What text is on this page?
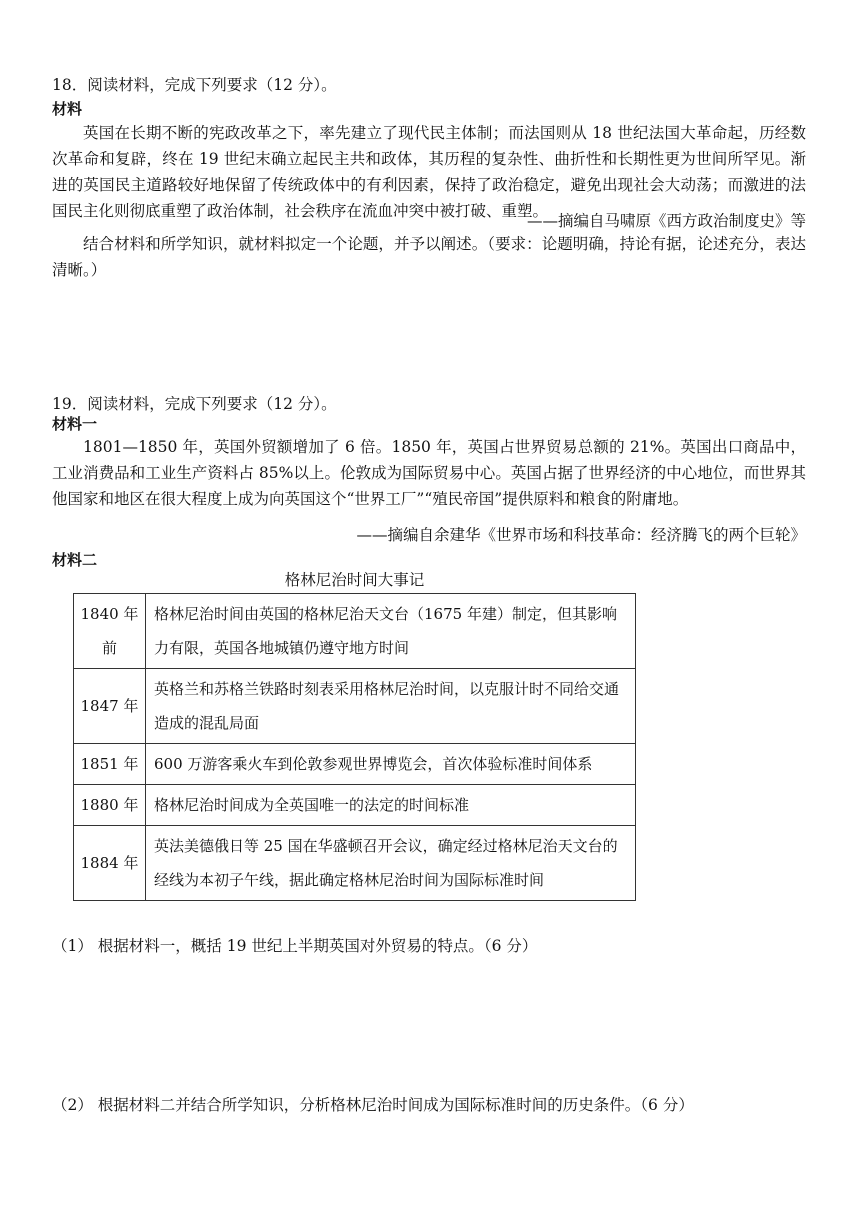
18．阅读材料，完成下列要求（12 分）。
材料
英国在长期不断的宪政改革之下，率先建立了现代民主体制；而法国则从 18 世纪法国大革命起，历经数次革命和复辟，终在 19 世纪末确立起民主共和政体，其历程的复杂性、曲折性和长期性更为世间所罕见。渐进的英国民主道路较好地保留了传统政体中的有利因素，保持了政治稳定，避免出现社会大动荡；而激进的法国民主化则彻底重塑了政治体制，社会秩序在流血冲突中被打破、重塑。
——摘编自马啸原《西方政治制度史》等
结合材料和所学知识，就材料拟定一个论题，并予以阐述。（要求：论题明确，持论有据，论述充分，表达清晰。）
19．阅读材料，完成下列要求（12 分）。
材料一
1801—1850 年，英国外贸额增加了 6 倍。1850 年，英国占世界贸易总额的 21%。英国出口商品中，工业消费品和工业生产资料占 85%以上。伦敦成为国际贸易中心。英国占据了世界经济的中心地位，而世界其他国家和地区在很大程度上成为向英国这个“世界工厂”“殖民帝国”提供原料和粮食的附庸地。
——摘编自余建华《世界市场和科技革命：经济腾飞的两个巨轮》
材料二
格林尼治时间大事记
1840 年前	格林尼治时间由英国的格林尼治天文台（1675 年建）制定，但其影响力有限，英国各地城镇仍遵守地方时间
1847 年	英格兰和苏格兰铁路时刻表采用格林尼治时间，以克服计时不同给交通造成的混乱局面
1851 年	600 万游客乘火车到伦敦参观世界博览会，首次体验标准时间体系
1880 年	格林尼治时间成为全英国唯一的法定的时间标准
1884 年	英法美德俄日等 25 国在华盛顿召开会议，确定经过格林尼治天文台的经线为本初子午线，据此确定格林尼治时间为国际标准时间
（1） 根据材料一，概括 19 世纪上半期英国对外贸易的特点。（6 分）
（2） 根据材料二并结合所学知识，分析格林尼治时间成为国际标准时间的历史条件。（6 分）
